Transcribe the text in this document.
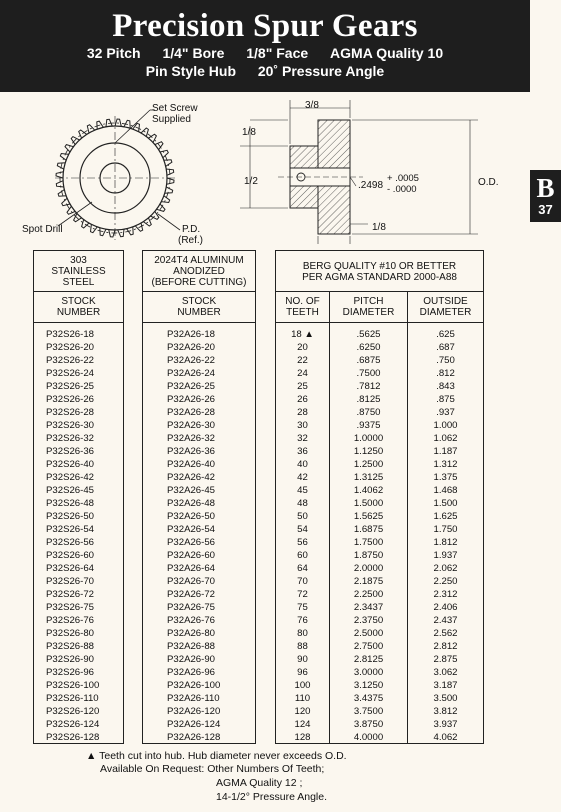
Precision Spur Gears
32 Pitch 1/4" Bore 1/8" Face AGMA Quality 10
Pin Style Hub 20˚ Pressure Angle
B
37
Set Screw
Supplied
Spot Drill	P.D.
(Ref.)
3/8
1/8
1/2	.2498
+ .0005
- .0000
O.D.
1/8
303
STAINLESS
STEEL
STOCK
NUMBER
P32S26-18
P32S26-20
P32S26-22
P32S26-24
P32S26-25
P32S26-26
P32S26-28
P32S26-30
P32S26-32
P32S26-36
P32S26-40
P32S26-42
P32S26-45
P32S26-48
P32S26-50
P32S26-54
P32S26-56
P32S26-60
P32S26-64
P32S26-70
P32S26-72
P32S26-75
P32S26-76
P32S26-80
P32S26-88
P32S26-90
P32S26-96
P32S26-100
P32S26-110
P32S26-120
P32S26-124
P32S26-128
2024T4 ALUMINUM
ANODIZED
(BEFORE CUTTING)
STOCK
NUMBER
P32A26-18
P32A26-20
P32A26-22
P32A26-24
P32A26-25
P32A26-26
P32A26-28
P32A26-30
P32A26-32
P32A26-36
P32A26-40
P32A26-42
P32A26-45
P32A26-48
P32A26-50
P32A26-54
P32A26-56
P32A26-60
P32A26-64
P32A26-70
P32A26-72
P32A26-75
P32A26-76
P32A26-80
P32A26-88
P32A26-90
P32A26-96
P32A26-100
P32A26-110
P32A26-120
P32A26-124
P32A26-128
BERG QUALITY #10 OR BETTER
PER AGMA STANDARD 2000-A88
NO. OF
TEETH
PITCH
DIAMETER
OUTSIDE
DIAMETER
18 ▲
20
22
24
25
26
28
30
32
36
40
42
45
48
50
54
56
60
64
70
72
75
76
80
88
90
96
100
110
120
124
128
.5625
.6250
.6875
.7500
.7812
.8125
.8750
.9375
1.0000
1.1250
1.2500
1.3125
1.4062
1.5000
1.5625
1.6875
1.7500
1.8750
2.0000
2.1875
2.2500
2.3437
2.3750
2.5000
2.7500
2.8125
3.0000
3.1250
3.4375
3.7500
3.8750
4.0000
.625
.687
.750
.812
.843
.875
.937
1.000
1.062
1.187
1.312
1.375
1.468
1.500
1.625
1.750
1.812
1.937
2.062
2.250
2.312
2.406
2.437
2.562
2.812
2.875
3.062
3.187
3.500
3.812
3.937
4.062
▲ Teeth cut into hub. Hub diameter never exceeds O.D.
Available On Request: Other Numbers Of Teeth;
AGMA Quality 12 ;
14-1/2° Pressure Angle.
